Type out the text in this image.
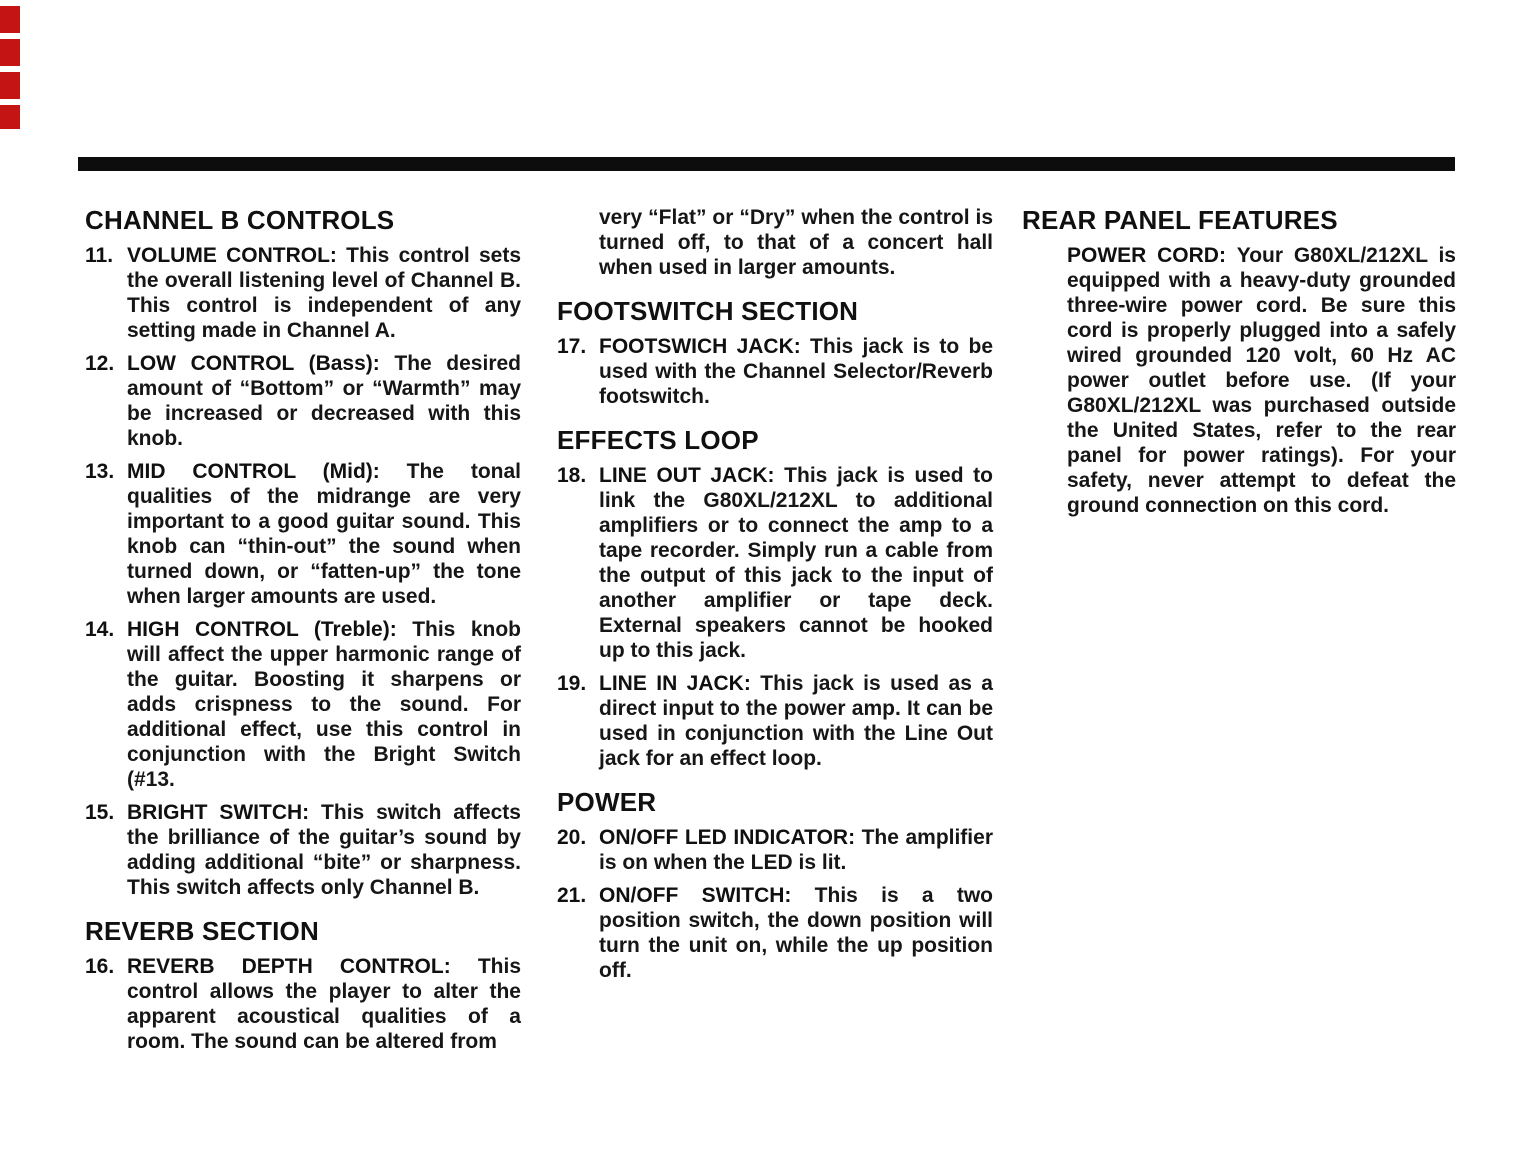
CHANNEL B CONTROLS
11. VOLUME CONTROL: This control sets the overall listening level of Channel B. This control is independent of any setting made in Channel A.

12. LOW CONTROL (Bass): The desired amount of “Bottom” or “Warmth” may be increased or decreased with this knob.

13. MID CONTROL (Mid): The tonal qualities of the midrange are very important to a good guitar sound. This knob can “thin-out” the sound when turned down, or “fatten-up” the tone when larger amounts are used.

14. HIGH CONTROL (Treble): This knob will affect the upper harmonic range of the guitar. Boosting it sharpens or adds crispness to the sound. For additional effect, use this control in conjunction with the Bright Switch (#13.

15. BRIGHT SWITCH: This switch affects the brilliance of the guitar’s sound by adding additional “bite” or sharpness. This switch affects only Channel B.

REVERB SECTION
16. REVERB DEPTH CONTROL: This control allows the player to alter the apparent acoustical qualities of a room. The sound can be altered from

very “Flat” or “Dry” when the control is turned off, to that of a concert hall when used in larger amounts.

FOOTSWITCH SECTION
17. FOOTSWICH JACK: This jack is to be used with the Channel Selector/Reverb footswitch.

EFFECTS LOOP
18. LINE OUT JACK: This jack is used to link the G80XL/212XL to additional amplifiers or to connect the amp to a tape recorder. Simply run a cable from the output of this jack to the input of another amplifier or tape deck. External speakers cannot be hooked up to this jack.

19. LINE IN JACK: This jack is used as a direct input to the power amp. It can be used in conjunction with the Line Out jack for an effect loop.

POWER
20. ON/OFF LED INDICATOR: The amplifier is on when the LED is lit.

21. ON/OFF SWITCH: This is a two position switch, the down position will turn the unit on, while the up position off.

REAR PANEL FEATURES

POWER CORD: Your G80XL/212XL is equipped with a heavy-duty grounded three-wire power cord. Be sure this cord is properly plugged into a safely wired grounded 120 volt, 60 Hz AC power outlet before use. (If your G80XL/212XL was purchased outside the United States, refer to the rear panel for power ratings). For your safety, never attempt to defeat the ground connection on this cord.
